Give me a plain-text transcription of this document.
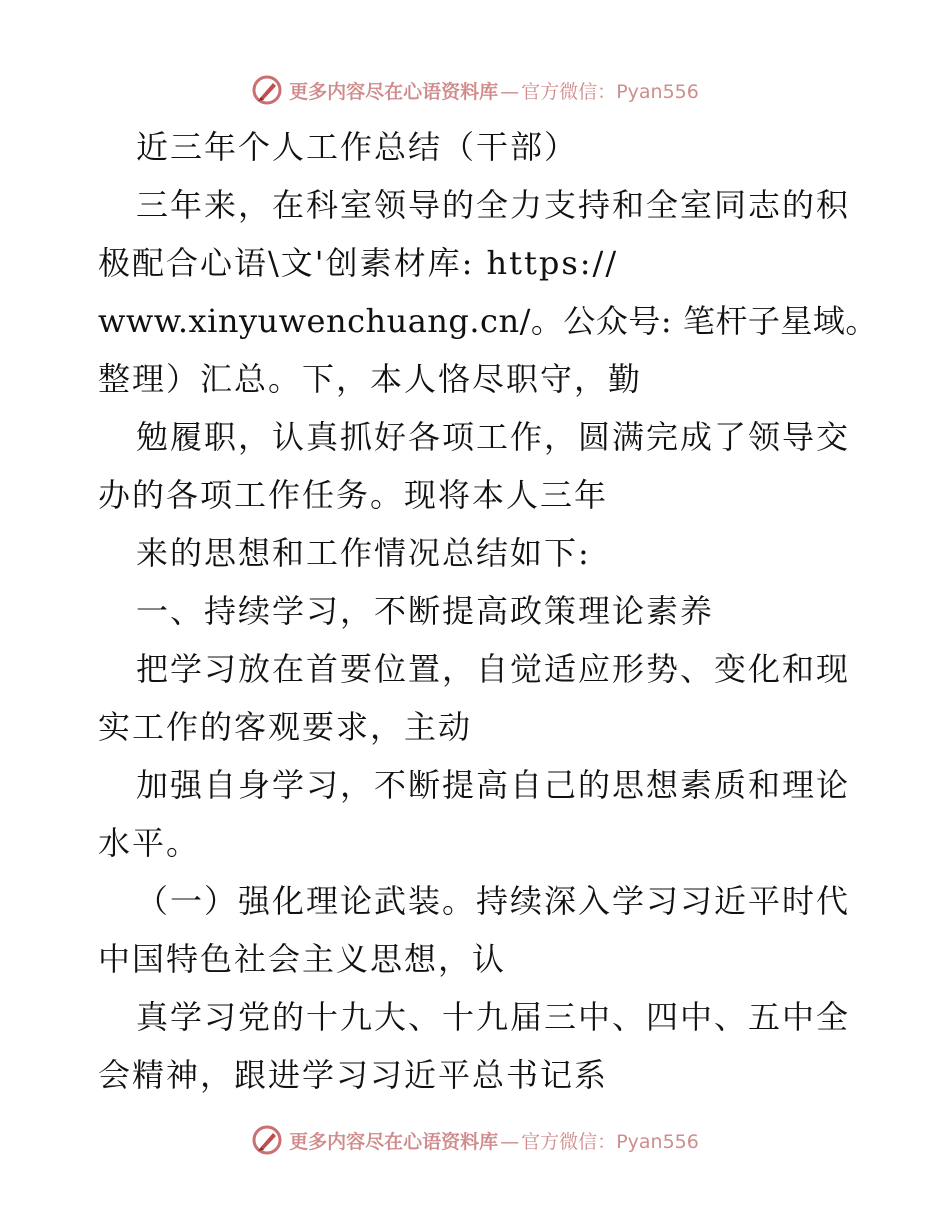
更多内容尽在心语资料库 — 官方微信：Pyan556
近三年个人工作总结（干部）
三年来，在科室领导的全力支持和全室同志的积
极配合心语\文'创素材库: https://
www.xinyuwenchuang.cn/。公众号: 笔杆子星域。
整理）汇总。下，本人恪尽职守，勤
勉履职，认真抓好各项工作，圆满完成了领导交
办的各项工作任务。现将本人三年
来的思想和工作情况总结如下:
一、持续学习，不断提高政策理论素养
把学习放在首要位置，自觉适应形势、变化和现
实工作的客观要求，主动
加强自身学习，不断提高自己的思想素质和理论
水平。
（一）强化理论武装。持续深入学习习近平时代
中国特色社会主义思想，认
真学习党的十九大、十九届三中、四中、五中全
会精神，跟进学习习近平总书记系
更多内容尽在心语资料库 — 官方微信：Pyan556
